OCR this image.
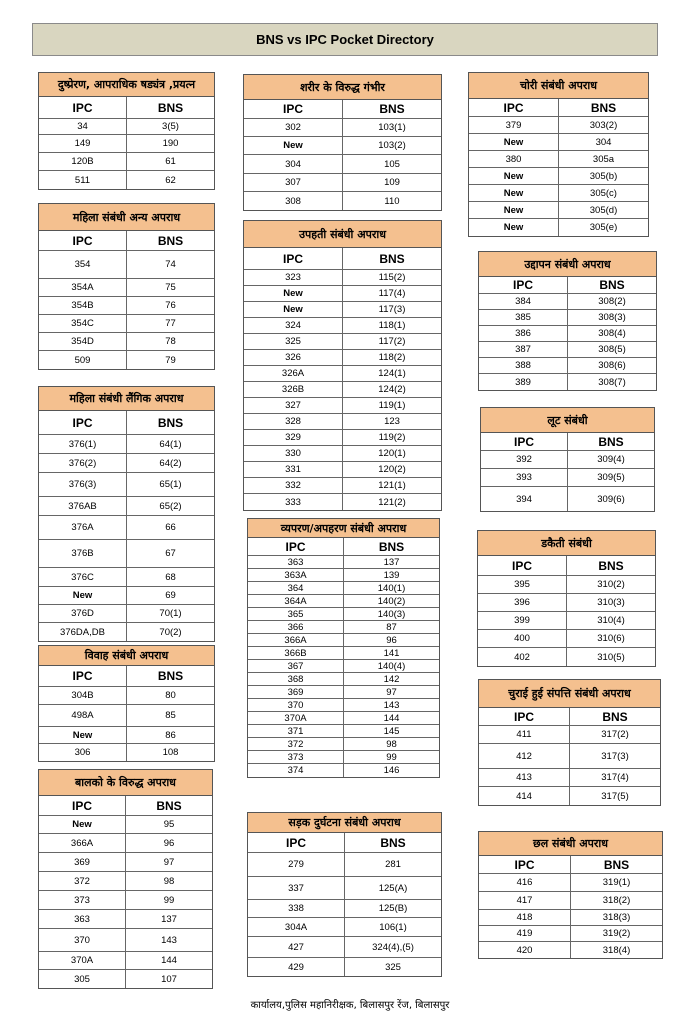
BNS vs IPC Pocket Directory
दुष्प्रेरण, आपराधिक षड्यंत्र ,प्रयत्न
IPC	BNS
34	3(5)
149	190
120B	61
511	62
महिला संबंधी अन्य अपराध
IPC	BNS
354	74
354A	75
354B	76
354C	77
354D	78
509	79
महिला संबंधी लैंगिक अपराध
IPC	BNS
376(1)	64(1)
376(2)	64(2)
376(3)	65(1)
376AB	65(2)
376A	66
376B	67
376C	68
New	69
376D	70(1)
376DA,DB	70(2)
विवाह संबंधी अपराध
IPC	BNS
304B	80
498A	85
New	86
306	108
बालको के विरुद्ध अपराध
IPC	BNS
New	95
366A	96
369	97
372	98
373	99
363	137
370	143
370A	144
305	107
शरीर के विरुद्ध गंभीर
IPC	BNS
302	103(1)
New	103(2)
304	105
307	109
308	110
उपहती संबंधी अपराध
IPC	BNS
323	115(2)
New	117(4)
New	117(3)
324	118(1)
325	117(2)
326	118(2)
326A	124(1)
326B	124(2)
327	119(1)
328	123
329	119(2)
330	120(1)
331	120(2)
332	121(1)
333	121(2)
व्यपरण/अपहरण संबंधी अपराध
IPC	BNS
363	137
363A	139
364	140(1)
364A	140(2)
365	140(3)
366	87
366A	96
366B	141
367	140(4)
368	142
369	97
370	143
370A	144
371	145
372	98
373	99
374	146
सड़क दुर्घटना संबंधी अपराध
IPC	BNS
279	281
337	125(A)
338	125(B)
304A	106(1)
427	324(4),(5)
429	325
चोरी संबंधी अपराध
IPC	BNS
379	303(2)
New	304
380	305a
New	305(b)
New	305(c)
New	305(d)
New	305(e)
उद्दापन संबंधी अपराध
IPC	BNS
384	308(2)
385	308(3)
386	308(4)
387	308(5)
388	308(6)
389	308(7)
लूट संबंधी
IPC	BNS
392	309(4)
393	309(5)
394	309(6)
डकैती संबंधी
IPC	BNS
395	310(2)
396	310(3)
399	310(4)
400	310(6)
402	310(5)
चुराई हुई संपत्ति संबंधी अपराध
IPC	BNS
411	317(2)
412	317(3)
413	317(4)
414	317(5)
छल संबंधी अपराध
IPC	BNS
416	319(1)
417	318(2)
418	318(3)
419	319(2)
420	318(4)
कार्यालय,पुलिस महानिरीक्षक, बिलासपुर रेंज, बिलासपुर
